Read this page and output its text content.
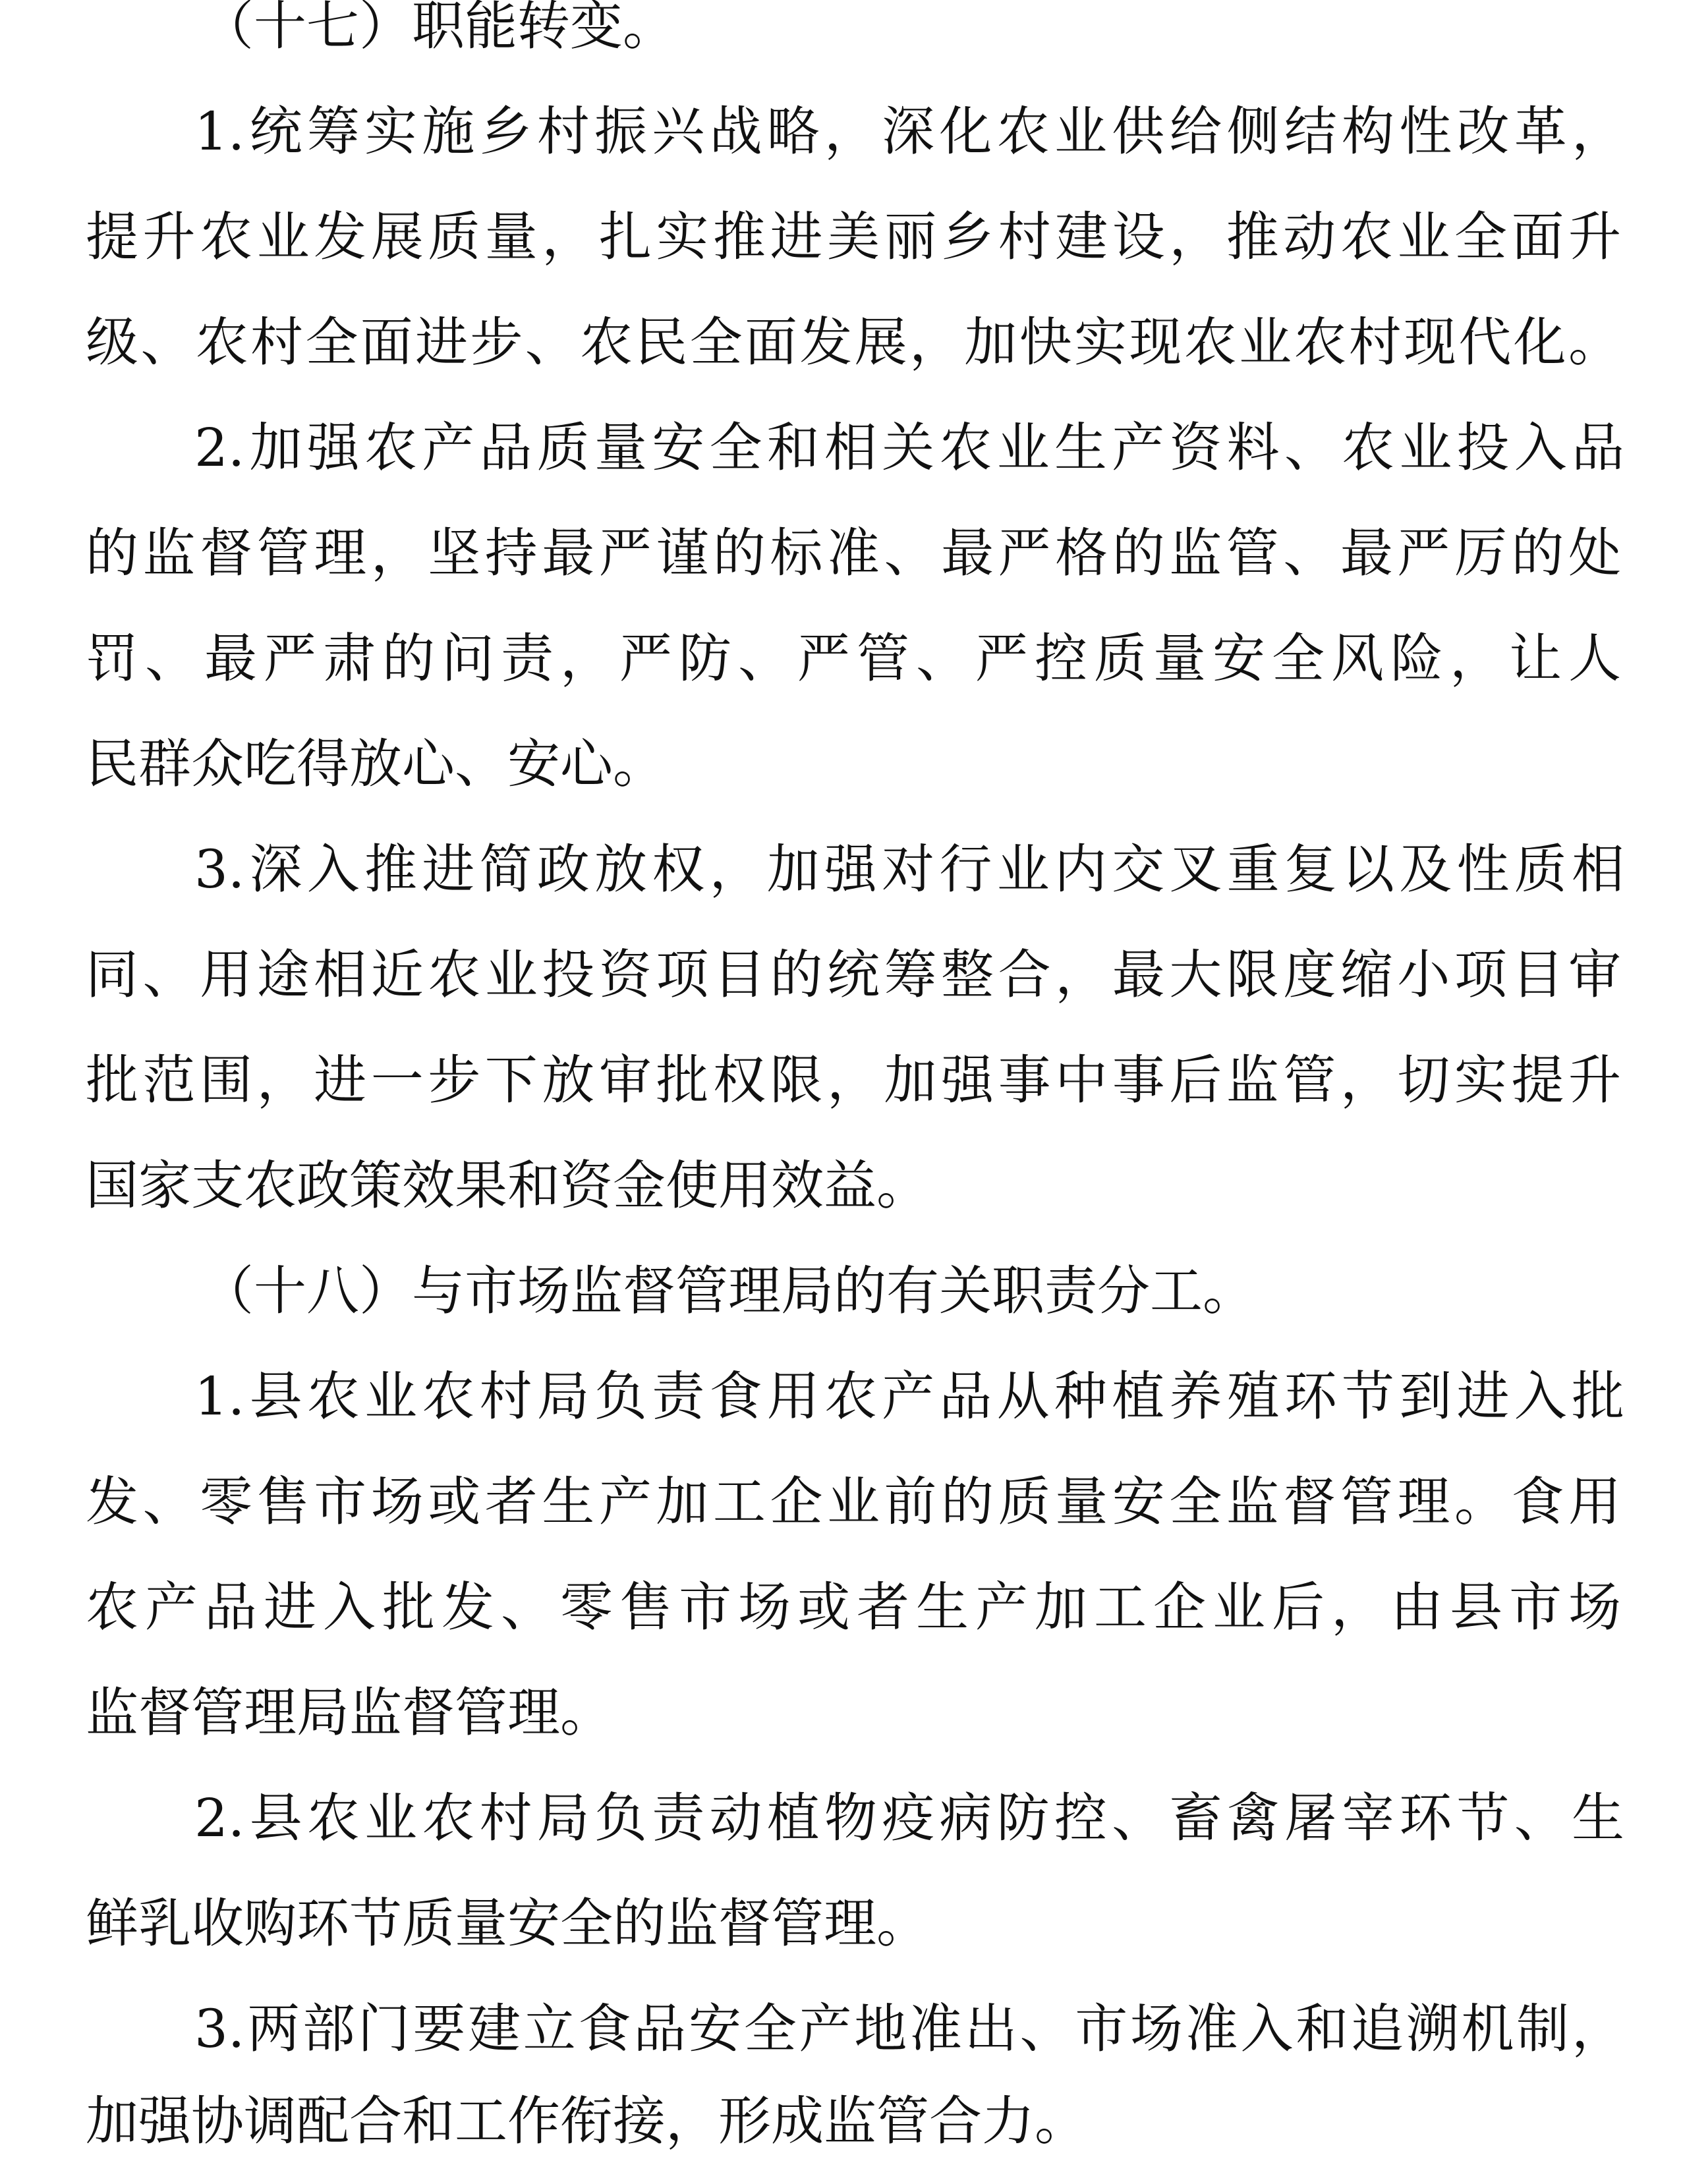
（十七）职能转变。
1.统筹实施乡村振兴战略，深化农业供给侧结构性改革，
提升农业发展质量，扎实推进美丽乡村建设，推动农业全面升
级、农村全面进步、农民全面发展，加快实现农业农村现代化。
2.加强农产品质量安全和相关农业生产资料、农业投入品
的监督管理，坚持最严谨的标准、最严格的监管、最严厉的处
罚、最严肃的问责，严防、严管、严控质量安全风险，让人
民群众吃得放心、安心。
3.深入推进简政放权，加强对行业内交叉重复以及性质相
同、用途相近农业投资项目的统筹整合，最大限度缩小项目审
批范围，进一步下放审批权限，加强事中事后监管，切实提升
国家支农政策效果和资金使用效益。
（十八）与市场监督管理局的有关职责分工。
1.县农业农村局负责食用农产品从种植养殖环节到进入批
发、零售市场或者生产加工企业前的质量安全监督管理。食用
农产品进入批发、零售市场或者生产加工企业后，由县市场
监督管理局监督管理。
2.县农业农村局负责动植物疫病防控、畜禽屠宰环节、生
鲜乳收购环节质量安全的监督管理。
3.两部门要建立食品安全产地准出、市场准入和追溯机制，
加强协调配合和工作衔接，形成监管合力。
